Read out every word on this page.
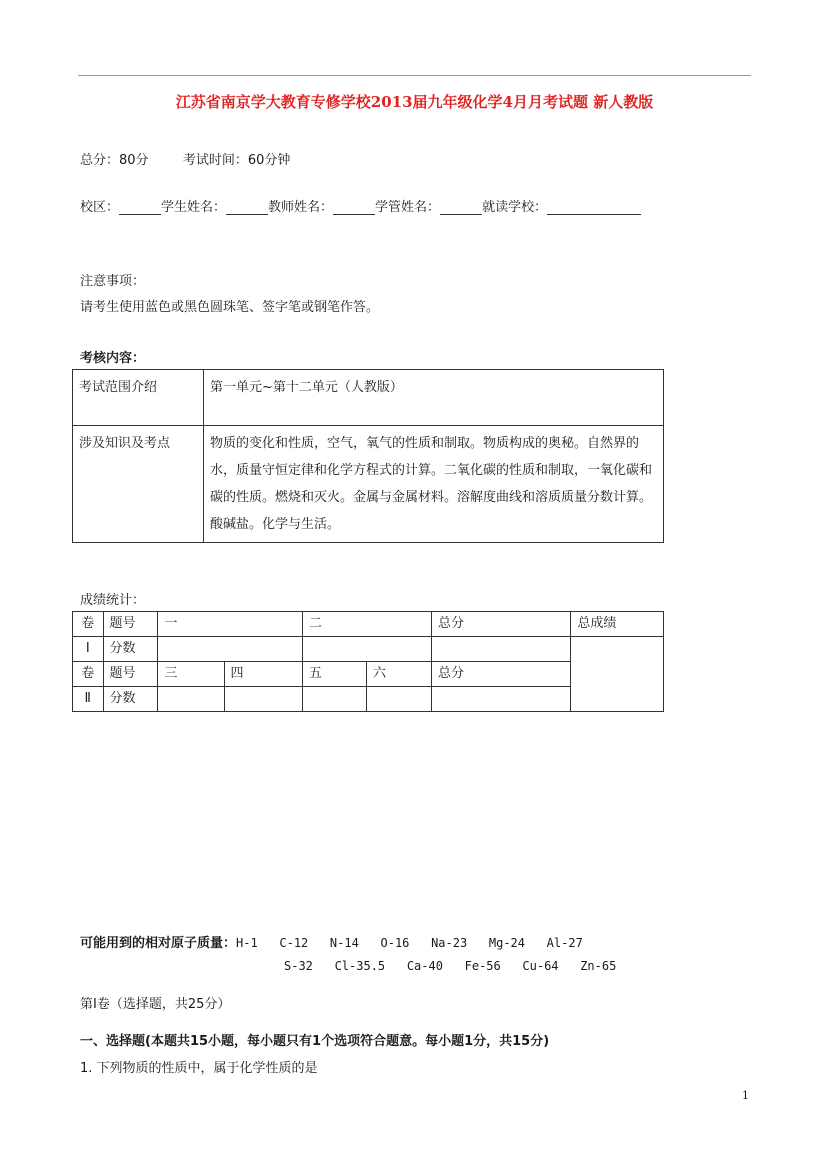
江苏省南京学大教育专修学校2013届九年级化学4月月考试题 新人教版
总分：80分	考试时间：60分钟
校区：	学生姓名：	教师姓名：	学管姓名：	就读学校：
注意事项：
请考生使用蓝色或黑色圆珠笔、签字笔或钢笔作答。
考核内容：
考试范围介绍	第一单元~第十二单元（人教版）
涉及知识及考点	物质的变化和性质，空气，氧气的性质和制取。物质构成的奥秘。自然界的水，质量守恒定律和化学方程式的计算。二氧化碳的性质和制取，一氧化碳和碳的性质。燃烧和灭火。金属与金属材料。溶解度曲线和溶质质量分数计算。酸碱盐。化学与生活。
成绩统计：
卷	题号	一		二		总分	总成绩
Ⅰ	分数						
卷	题号	三	四	五	六	总分	
Ⅱ	分数						
可能用到的相对原子质量：H-1   C-12   N-14   O-16   Na-23   Mg-24   Al-27
S-32   Cl-35.5   Ca-40   Fe-56   Cu-64   Zn-65
第Ⅰ卷（选择题，共25分）
一、选择题(本题共15小题，每小题只有1个选项符合题意。每小题1分，共15分)
1. 下列物质的性质中，属于化学性质的是
1
